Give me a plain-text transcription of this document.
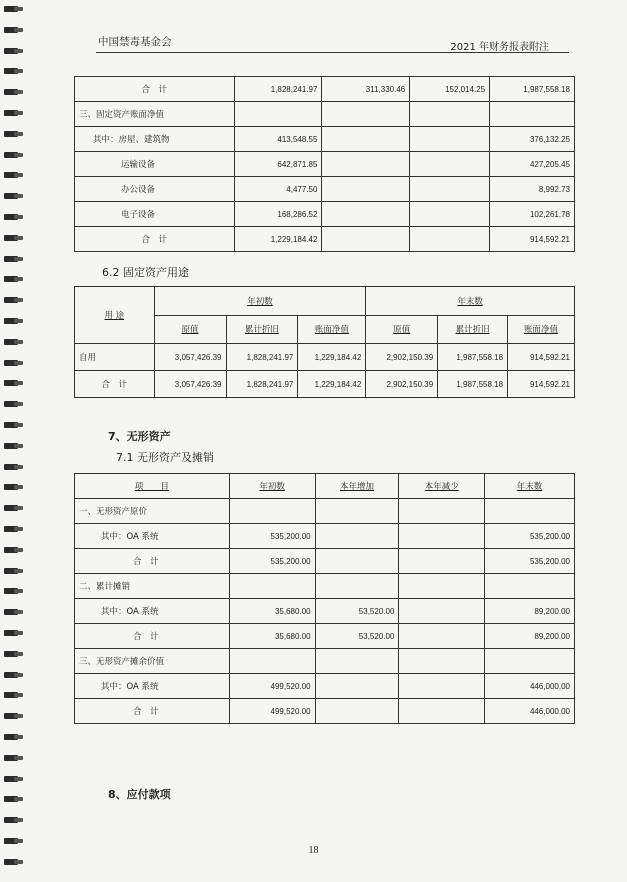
中国禁毒基金会	2021 年财务报表附注
合　计	1,828,241.97	311,330.46	152,014.25	1,987,558.18
三、固定资产账面净值				
其中：房屋、建筑物	413,548.55			376,132.25
运输设备	642,871.85			427,205.45
办公设备	4,477.50			8,992.73
电子设备	168,286.52			102,261.78
合　计	1,229,184.42			914,592.21
6.2 固定资产用途
用 途	年初数			年末数		
	原值	累计折旧	账面净值	原值	累计折旧	账面净值
自用	3,057,426.39	1,828,241.97	1,229,184.42	2,902,150.39	1,987,558.18	914,592.21
合　计	3,057,426.39	1,828,241.97	1,229,184.42	2,902,150.39	1,987,558.18	914,592.21
7、无形资产
7.1 无形资产及摊销
项　　目	年初数	本年增加	本年减少	年末数
一、无形资产原价				
其中：OA 系统	535,200.00			535,200.00
合　计	535,200.00			535,200.00
二、累计摊销				
其中：OA 系统	35,680.00	53,520.00		89,200.00
合　计	35,680.00	53,520.00		89,200.00
三、无形资产摊余价值				
其中：OA 系统	499,520.00			446,000.00
合　计	499,520.00			446,000.00
8、应付款项
18
